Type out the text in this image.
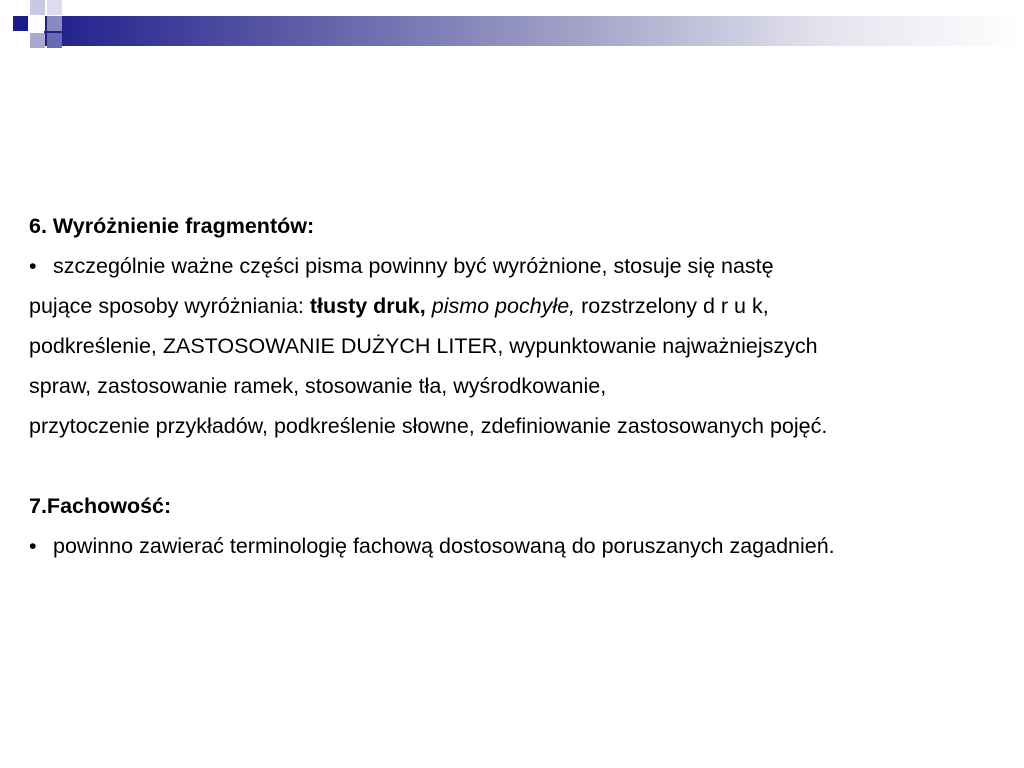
6. Wyróżnienie fragmentów:
• szczególnie ważne części pisma powinny być wyróżnione, stosuje się nastę
pujące sposoby wyróżniania: tłusty druk, pismo pochyłe, rozstrzelony d r u k,
podkreślenie, ZASTOSOWANIE DUŻYCH LITER, wypunktowanie najważniejszych
spraw, zastosowanie ramek, stosowanie tła, wyśrodkowanie,
przytoczenie przykładów, podkreślenie słowne, zdefiniowanie zastosowanych pojęć.
7.Fachowość:
• powinno zawierać terminologię fachową dostosowaną do poruszanych zagadnień.
